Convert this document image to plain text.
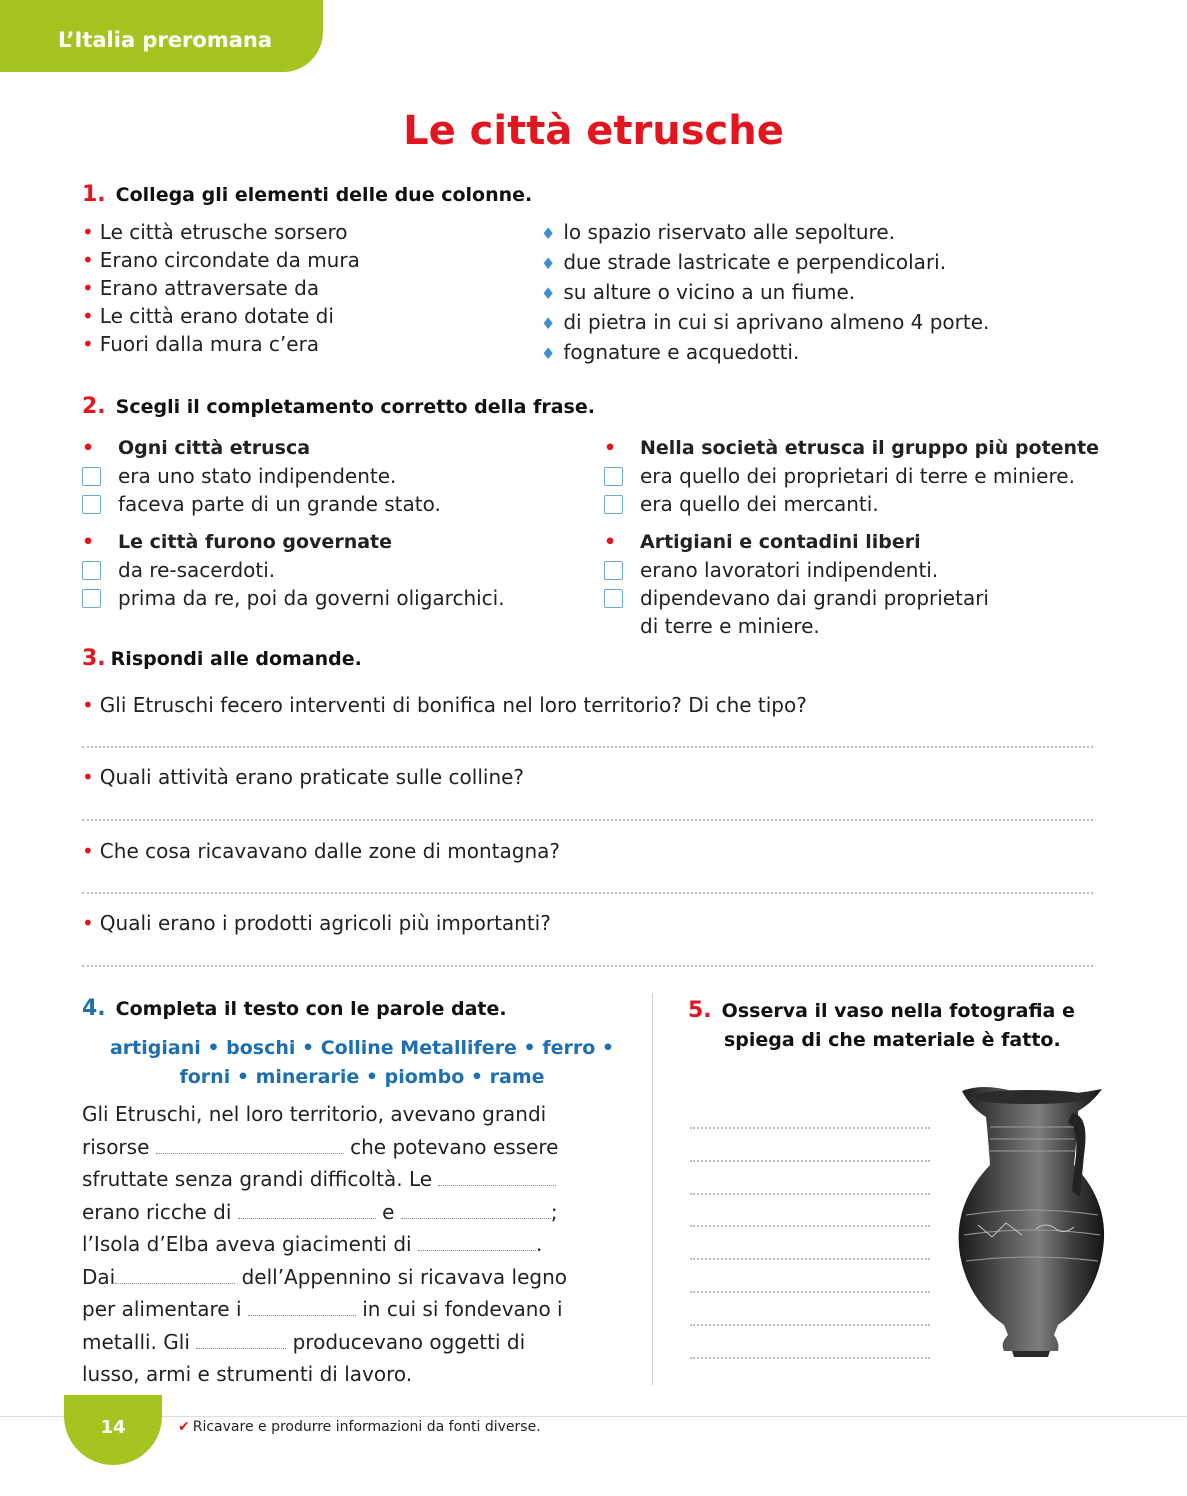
L’Italia preromana
Le città etrusche
1. Collega gli elementi delle due colonne.
• Le città etrusche sorsero
• Erano circondate da mura
• Erano attraversate da
• Le città erano dotate di
• Fuori dalla mura c’era
♦ lo spazio riservato alle sepolture.
♦ due strade lastricate e perpendicolari.
♦ su alture o vicino a un fiume.
♦ di pietra in cui si aprivano almeno 4 porte.
♦ fognature e acquedotti.
2. Scegli il completamento corretto della frase.
• Ogni città etrusca
era uno stato indipendente.
faceva parte di un grande stato.
• Le città furono governate
da re-sacerdoti.
prima da re, poi da governi oligarchici.
• Nella società etrusca il gruppo più potente
era quello dei proprietari di terre e miniere.
era quello dei mercanti.
• Artigiani e contadini liberi
erano lavoratori indipendenti.
dipendevano dai grandi proprietari
di terre e miniere.
3. Rispondi alle domande.
• Gli Etruschi fecero interventi di bonifica nel loro territorio? Di che tipo?
• Quali attività erano praticate sulle colline?
• Che cosa ricavavano dalle zone di montagna?
• Quali erano i prodotti agricoli più importanti?
4. Completa il testo con le parole date.
artigiani • boschi • Colline Metallifere • ferro •
forni • minerarie • piombo • rame
Gli Etruschi, nel loro territorio, avevano grandi
risorse	che potevano essere
sfruttate senza grandi difficoltà. Le
erano ricche di	e	;
l’Isola d’Elba aveva giacimenti di	.
Dai	dell’Appennino si ricavava legno
per alimentare i	in cui si fondevano i
metalli. Gli	producevano oggetti di
lusso, armi e strumenti di lavoro.
5. Osserva il vaso nella fotografia e
spiega di che materiale è fatto.
14	✔ Ricavare e produrre informazioni da fonti diverse.
